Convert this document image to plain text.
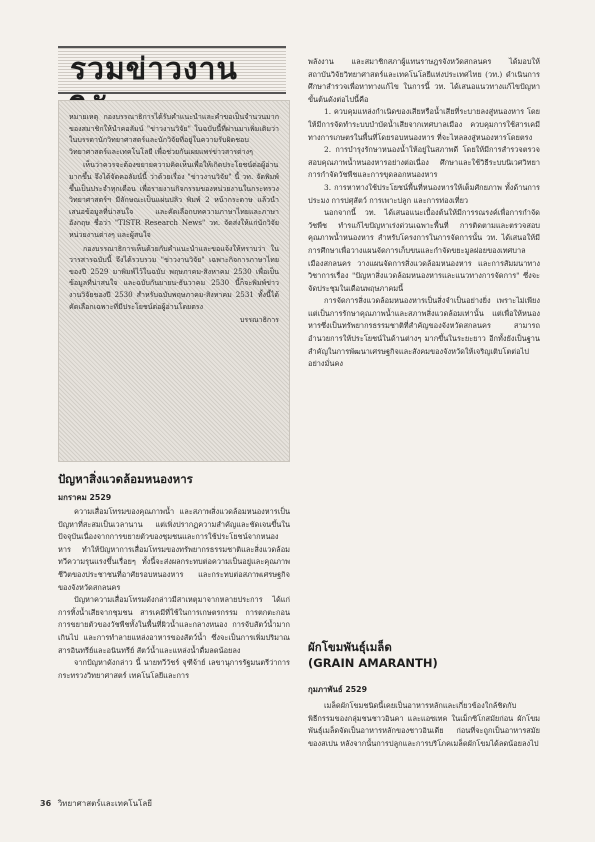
รวมข่าวงาน

หมายเหตุ กองบรรณาธิการได้รับคำแนะนำและคำขอเป็นจำนวนมากของสมาชิกให้นำคอลัมน์ "ข่าวงานวิจัย" ในฉบับนี้ที่ผ่านมาเพิ่มเติมว่า ในบรรดานักวิทยาศาสตร์และนักวิจัยที่อยู่ในความรับผิดชอบ วิทยาศาสตร์และเทคโนโลยี เพื่อช่วยกันเผยแพร่ข่าวสารต่างๆ

เห็นว่าควรจะต้องขยายความคิดเห็นเพื่อให้เกิดประโยชน์ต่อผู้อ่านมากขึ้น จึงได้จัดคอลัมน์นี้ ว่าด้วยเรื่อง "ข่าวงานวิจัย" นี้ วท. จัดพิมพ์ขึ้นเป็นประจำทุกเดือน เพื่อรายงานกิจกรรมของหน่วยงานในกระทรวงวิทยาศาสตร์ฯ มีลักษณะเป็นแผ่นปลิว พิมพ์ 2 หน้ากระดาษ แล้วนำเสนอข้อมูลที่น่าสนใจ และคัดเลือกบทความภาษาไทยและภาษาอังกฤษ ชื่อว่า "TISTR Research News" วท. จัดส่งให้แก่นักวิจัยหน่วยงานต่างๆ และผู้สนใจ

กองบรรณาธิการเห็นด้วยกับคำแนะนำและขอแจ้งให้ทราบว่า ในวารสารฉบับนี้ จึงได้รวบรวม "ข่าวงานวิจัย" เฉพาะกิจการภาษาไทยของปี 2529 มาพิมพ์ไว้ในฉบับ พฤษภาคม-สิงหาคม 2530 เพื่อเป็นข้อมูลที่น่าสนใจ และฉบับกันยายน-ธันวาคม 2530 นี้ก็จะพิมพ์ข่าวงานวิจัยของปี 2530 สำหรับฉบับพฤษภาคม-สิงหาคม 2531 ทั้งนี้ได้คัดเลือกเฉพาะที่มีประโยชน์ต่อผู้อ่านโดยตรง

บรรณาธิการ
ปัญหาสิ่งแวดล้อมหนองหาร
มกราคม 2529

ความเสื่อมโทรมของคุณภาพน้ำ และสภาพสิ่งแวดล้อมหนองหารเป็นปัญหาที่สะสมเป็นเวลานาน แต่เพิ่งปรากฏความสำคัญและชัดเจนขึ้นในปัจจุบันเนื่องจากการขยายตัวของชุมชนและการใช้ประโยชน์จากหนองหาร ทำให้ปัญหาการเสื่อมโทรมของทรัพยากรธรรมชาติและสิ่งแวดล้อมทวีความรุนแรงขึ้นเรื่อยๆ ทั้งนี้จะส่งผลกระทบต่อความเป็นอยู่และคุณภาพชีวิตของประชาชนที่อาศัยรอบหนองหาร และกระทบต่อสภาพเศรษฐกิจของจังหวัดสกลนคร

ปัญหาความเสื่อมโทรมดังกล่าวมีสาเหตุมาจากหลายประการ ได้แก่ การทิ้งน้ำเสียจากชุมชน สารเคมีที่ใช้ในการเกษตรกรรม การตกตะกอน การขยายตัวของวัชพืชทั้งในพื้นที่ผิวน้ำและกลางหนอง การจับสัตว์น้ำมากเกินไป และการทำลายแหล่งอาหารของสัตว์น้ำ ซึ่งจะเป็นการเพิ่มปริมาณสารอินทรีย์และอนินทรีย์ สัตว์น้ำและแหล่งน้ำดื่มลดน้อยลง

จากปัญหาดังกล่าว นี้ นายทวีวัชร์ จุฑีจ้าย์ เลขานุการรัฐมนตรีว่าการกระทรวงวิทยาศาสตร์ เทคโนโลยีและการ

พลังงาน และสมาชิกสภาผู้แทนราษฎรจังหวัดสกลนคร ได้มอบให้สถาบันวิจัยวิทยาศาสตร์และเทคโนโลยีแห่งประเทศไทย (วท.) ดำเนินการศึกษาสำรวจเพื่อหาทางแก้ไข ในการนี้ วท. ได้เสนอแนวทางแก้ไขปัญหาขั้นต้นดังต่อไปนี้คือ

1. ควบคุมแหล่งกำเนิดของเสียหรือน้ำเสียที่ระบายลงสู่หนองหาร โดยให้มีการจัดทำระบบบำบัดน้ำเสียจากเทศบาลเมือง ควบคุมการใช้สารเคมีทางการเกษตรในพื้นที่โดยรอบหนองหาร ที่จะไหลลงสู่หนองหารโดยตรง

2. การบำรุงรักษาหนองน้ำให้อยู่ในสภาพดี โดยให้มีการสำรวจตรวจสอบคุณภาพน้ำหนองหารอย่างต่อเนื่อง ศึกษาและใช้วิธีระบบนิเวศวิทยาการกำจัดวัชพืชและการขุดลอกหนองหาร

3. การหาทางใช้ประโยชน์พื้นที่หนองหารให้เต็มศักยภาพ ทั้งด้านการประมง การปศุสัตว์ การเพาะปลูก และการท่องเที่ยว

นอกจากนี้ วท. ได้เสนอแนะเบื้องต้นให้มีการรณรงค์เพื่อการกำจัดวัชพืช ทำรแก้ไขปัญหาเร่งด่วนเฉพาะพื้นที่ การติดตามและตรวจสอบคุณภาพน้ำหนองหาร สำหรับโครงการในการจัดการนั้น วท. ได้เสนอให้มีการศึกษาเพื่อวางแผนจัดการเก็บขนและกำจัดขยะมูลฝอยของเทศบาลเมืองสกลนคร วางแผนจัดการสิ่งแวดล้อมหนองหาร และการสัมมนาทางวิชาการเรื่อง "ปัญหาสิ่งแวดล้อมหนองหารและแนวทางการจัดการ" ซึ่งจะจัดประชุมในเดือนพฤษภาคมนี้

การจัดการสิ่งแวดล้อมหนองหารเป็นสิ่งจำเป็นอย่างยิ่ง เพราะไม่เพียงแต่เป็นการรักษาคุณภาพน้ำและสภาพสิ่งแวดล้อมเท่านั้น แต่เพื่อให้หนองหารซึ่งเป็นทรัพยากรธรรมชาติที่สำคัญของจังหวัดสกลนคร สามารถอำนวยการให้ประโยชน์ในด้านต่างๆ มากขึ้นในระยะยาว อีกทั้งยังเป็นฐานสำคัญในการพัฒนาเศรษฐกิจและสังคมของจังหวัดให้เจริญเติบโตต่อไปอย่างมั่นคง

ผักโขมพันธุ์เมล็ด
(GRAIN AMARANTH)
กุมภาพันธ์ 2529

เมล็ดผักโขมชนิดนี้เคยเป็นอาหารหลักและเกี่ยวข้องใกล้ชิดกับพิธีกรรมของกลุ่มชนชาวอินคา และแอซเทค ในเม็กซิโกสมัยก่อน ผักโขมพันธุ์เมล็ดจัดเป็นอาหารหลักของชาวอินเดีย ก่อนที่จะถูกเป็นอาหารสมัยของสเปน หลังจากนั้นการปลูกและการบริโภคเมล็ดผักโขมได้ลดน้อยลงไป

36 วิทยาศาสตร์และเทคโนโลยี
